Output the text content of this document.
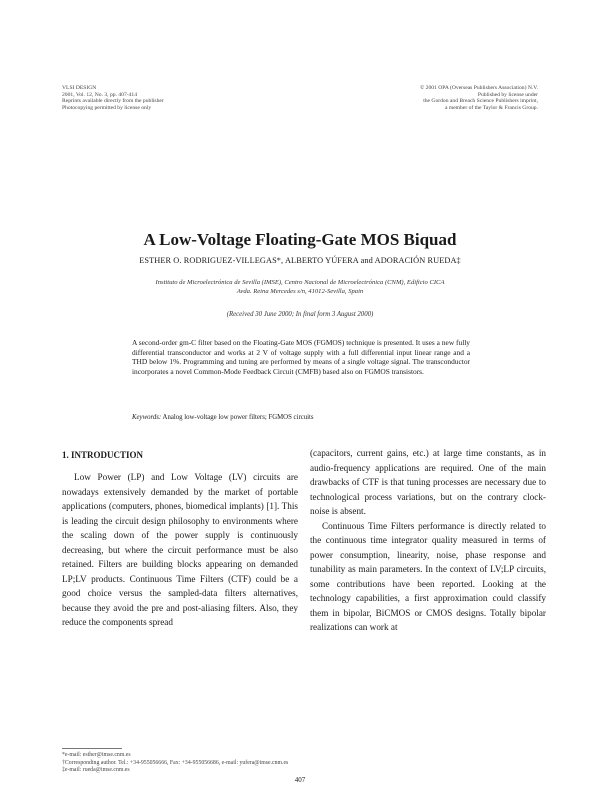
VLSI DESIGN
2001, Vol. 12, No. 3, pp. 407-414
Reprints available directly from the publisher
Photocopying permitted by license only
© 2001 OPA (Overseas Publishers Association) N.V.
Published by license under
the Gordon and Breach Science Publishers imprint,
a member of the Taylor & Francis Group.
A Low-Voltage Floating-Gate MOS Biquad
ESTHER O. RODRIGUEZ-VILLEGAS*, ALBERTO YÚFERA and ADORACIÓN RUEDA‡
Instituto de Microelectrónica de Sevilla (IMSE), Centro Nacional de Microelectrónica (CNM), Edificio CICA
Avda. Reina Mercedes s/n, 41012-Sevilla, Spain
(Received 30 June 2000; In final form 3 August 2000)
A second-order gm-C filter based on the Floating-Gate MOS (FGMOS) technique is presented. It uses a new fully differential transconductor and works at 2 V of voltage supply with a full differential input linear range and a THD below 1%. Programming and tuning are performed by means of a single voltage signal. The transconductor incorporates a novel Common-Mode Feedback Circuit (CMFB) based also on FGMOS transistors.
Keywords: Analog low-voltage low power filters; FGMOS circuits
1. INTRODUCTION

Low Power (LP) and Low Voltage (LV) circuits are nowadays extensively demanded by the market of portable applications (computers, phones, biomedical implants) [1]. This is leading the circuit design philosophy to environments where the scaling down of the power supply is continuously decreasing, but where the circuit performance must be also retained. Filters are building blocks appearing on demanded LP;LV products. Continuous Time Filters (CTF) could be a good choice versus the sampled-data filters alternatives, because they avoid the pre and post-aliasing filters. Also, they reduce the components spread

(capacitors, current gains, etc.) at large time constants, as in audio-frequency applications are required. One of the main drawbacks of CTF is that tuning processes are necessary due to technological process variations, but on the contrary clock-noise is absent.

Continuous Time Filters performance is directly related to the continuous time integrator quality measured in terms of power consumption, linearity, noise, phase response and tunability as main parameters. In the context of LV;LP circuits, some contributions have been reported. Looking at the technology capabilities, a first approximation could classify them in bipolar, BiCMOS or CMOS designs. Totally bipolar realizations can work at

*e-mail: esther@imse.cnm.es
†Corresponding author. Tel.: +34-955056666, Fax: +34-955056686, e-mail: yufera@imse.cnm.es
‡e-mail: rueda@imse.cnm.es
407
